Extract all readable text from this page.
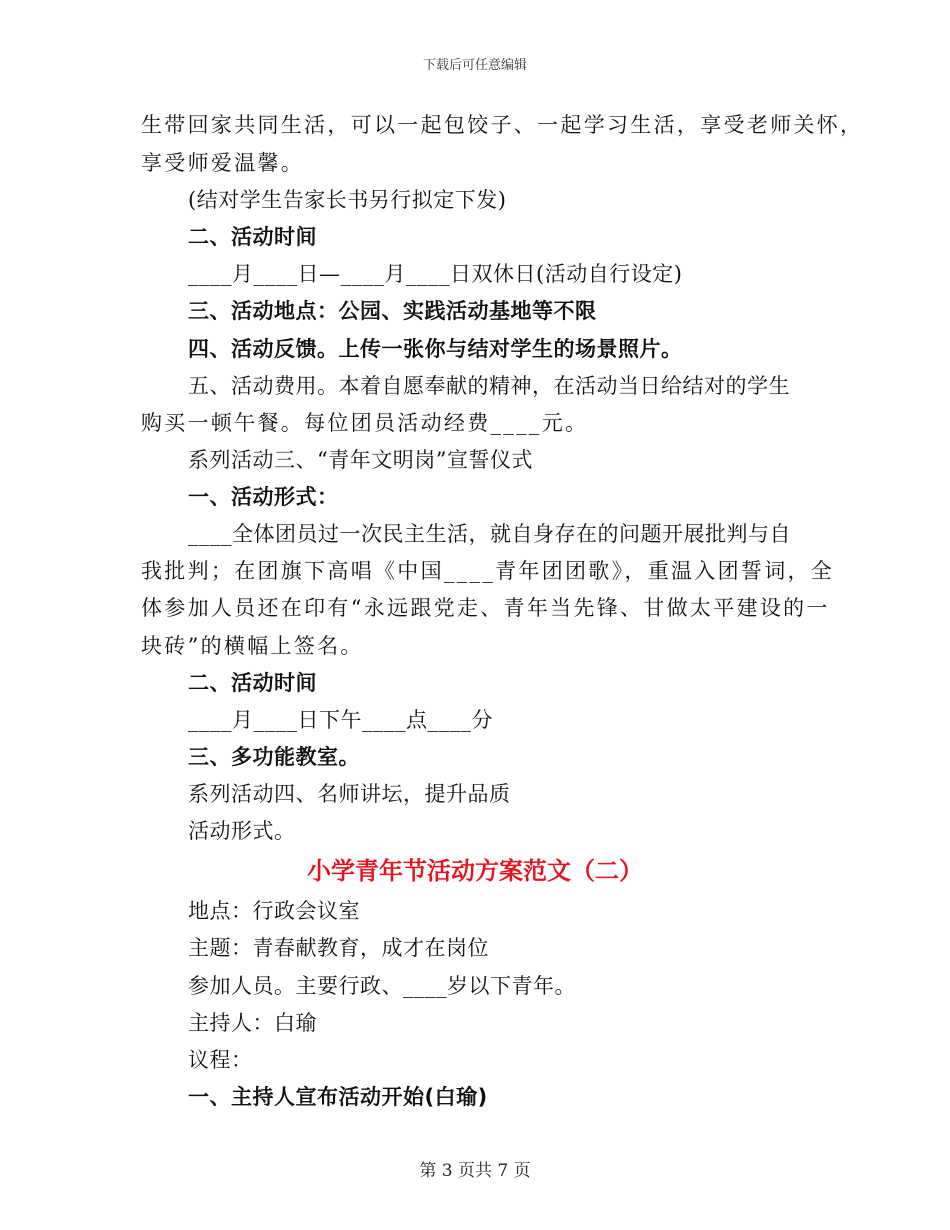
下载后可任意编辑
生带回家共同生活，可以一起包饺子、一起学习生活，享受老师关怀，
享受师爱温馨。
(结对学生告家长书另行拟定下发)
二、活动时间
____月____日—____月____日双休日(活动自行设定)
三、活动地点：公园、实践活动基地等不限
四、活动反馈。上传一张你与结对学生的场景照片。
五、活动费用。本着自愿奉献的精神，在活动当日给结对的学生
购买一顿午餐。每位团员活动经费____元。
系列活动三、“青年文明岗”宣誓仪式
一、活动形式：
____全体团员过一次民主生活，就自身存在的问题开展批判与自
我批判；在团旗下高唱《中国____青年团团歌》，重温入团誓词，全
体参加人员还在印有“永远跟党走、青年当先锋、甘做太平建设的一
块砖”的横幅上签名。
二、活动时间
____月____日下午____点____分
三、多功能教室。
系列活动四、名师讲坛，提升品质
活动形式。
小学青年节活动方案范文（二）
地点：行政会议室
主题：青春献教育，成才在岗位
参加人员。主要行政、____岁以下青年。
主持人：白瑜
议程：
一、主持人宣布活动开始(白瑜)
第 3 页共 7 页
